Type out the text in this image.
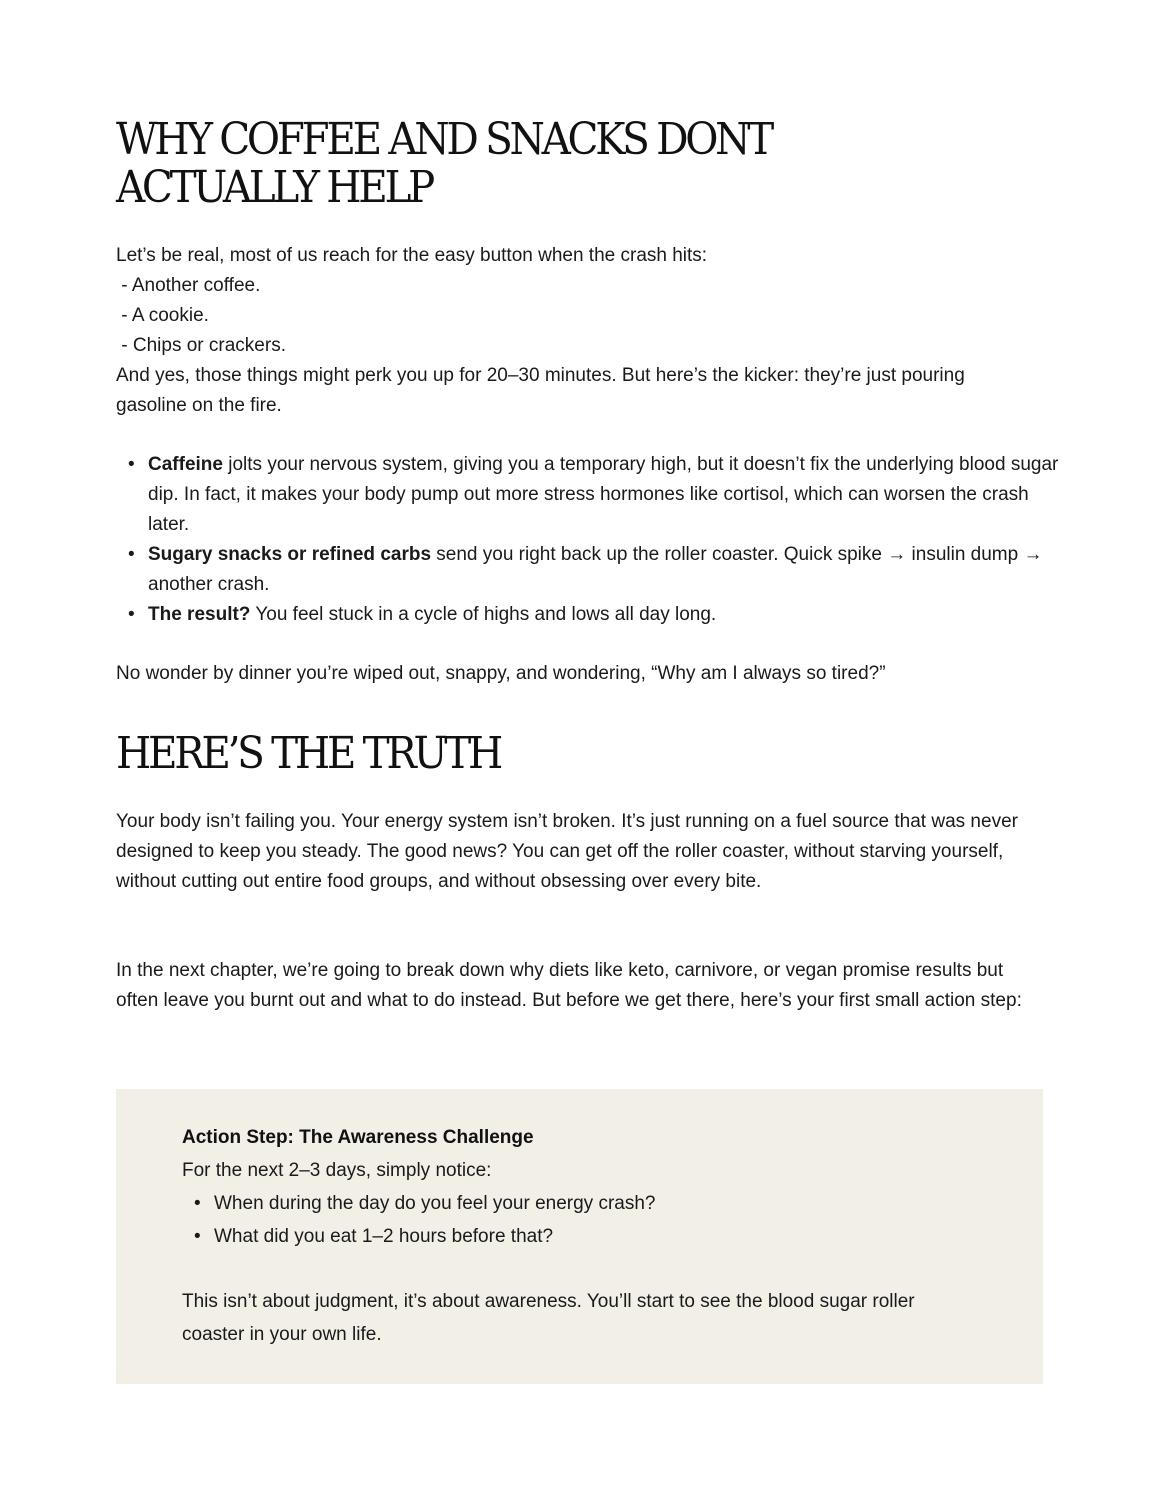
WHY COFFEE AND SNACKS DONT
ACTUALLY HELP
Let’s be real, most of us reach for the easy button when the crash hits:
- Another coffee.
- A cookie.
- Chips or crackers.
And yes, those things might perk you up for 20–30 minutes. But here’s the kicker: they’re just pouring gasoline on the fire.
• Caffeine jolts your nervous system, giving you a temporary high, but it doesn’t fix the underlying blood sugar dip. In fact, it makes your body pump out more stress hormones like cortisol, which can worsen the crash later.
• Sugary snacks or refined carbs send you right back up the roller coaster. Quick spike → insulin dump → another crash.
• The result? You feel stuck in a cycle of highs and lows all day long.

No wonder by dinner you’re wiped out, snappy, and wondering, “Why am I always so tired?”

HERE’S THE TRUTH

Your body isn’t failing you. Your energy system isn’t broken. It’s just running on a fuel source that was never designed to keep you steady. The good news? You can get off the roller coaster, without starving yourself, without cutting out entire food groups, and without obsessing over every bite.

In the next chapter, we’re going to break down why diets like keto, carnivore, or vegan promise results but often leave you burnt out and what to do instead. But before we get there, here’s your first small action step:

Action Step: The Awareness Challenge

For the next 2–3 days, simply notice:

• When during the day do you feel your energy crash?
• What did you eat 1–2 hours before that?

This isn’t about judgment, it’s about awareness. You’ll start to see the blood sugar roller coaster in your own life.
